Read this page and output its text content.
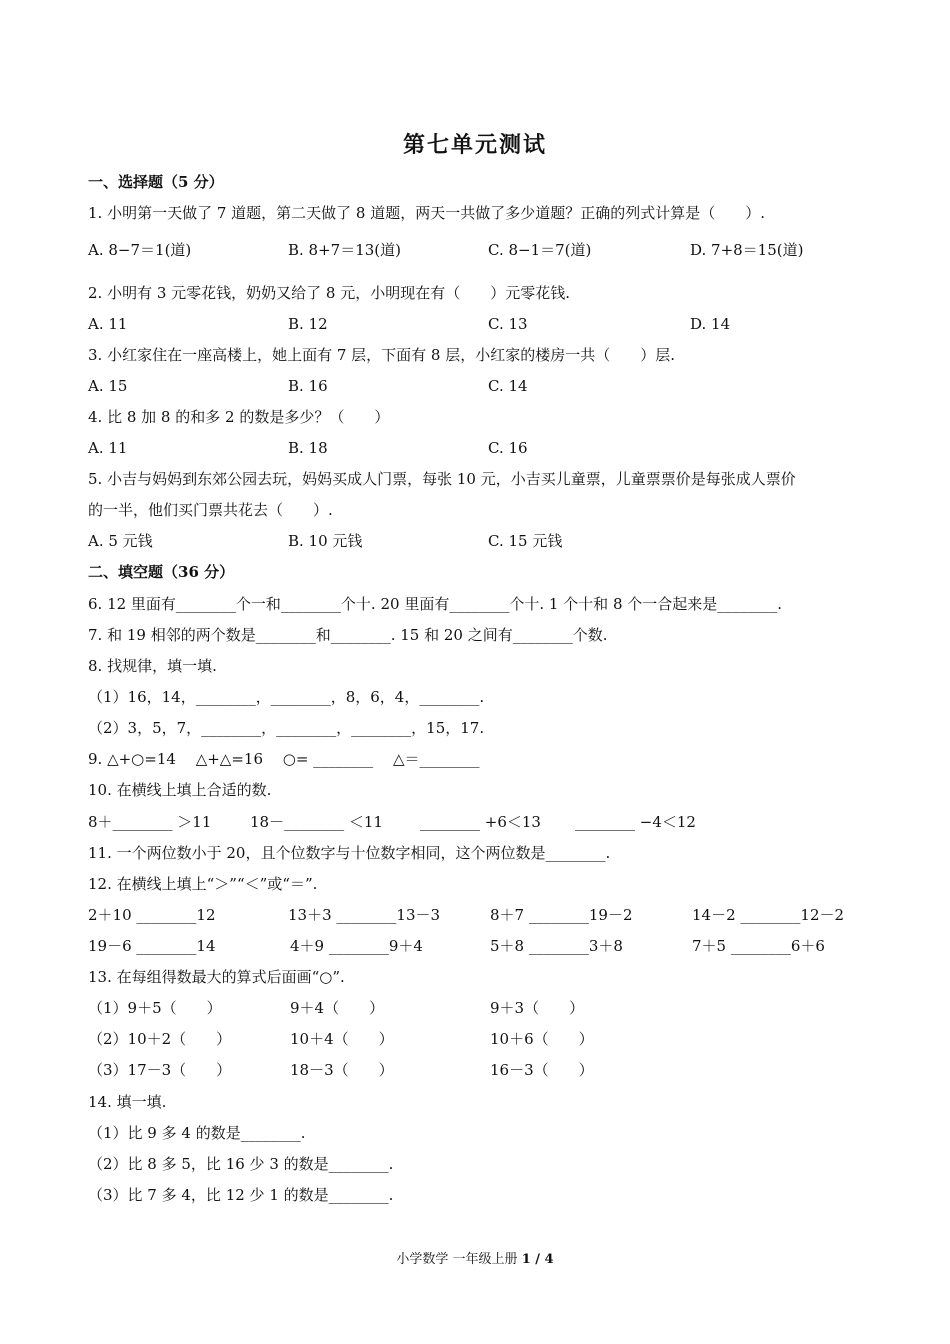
第七单元测试
一、选择题（5 分）
1. 小明第一天做了 7 道题，第二天做了 8 道题，两天一共做了多少道题？正确的列式计算是（　　）.
A. 8−7＝1(道)	B. 8+7＝13(道)	C. 8−1＝7(道)	D. 7+8＝15(道)
2. 小明有 3 元零花钱，奶奶又给了 8 元，小明现在有（　　）元零花钱.
A. 11	B. 12	C. 13	D. 14
3. 小红家住在一座高楼上，她上面有 7 层，下面有 8 层，小红家的楼房一共（　　）层.
A. 15	B. 16	C. 14
4. 比 8 加 8 的和多 2 的数是多少？（　　）
A. 11	B. 18	C. 16
5. 小吉与妈妈到东郊公园去玩，妈妈买成人门票，每张 10 元，小吉买儿童票，儿童票票价是每张成人票价
的一半，他们买门票共花去（　　）.
A. 5 元钱	B. 10 元钱	C. 15 元钱
二、填空题（36 分）
6. 12 里面有________个一和________个十. 20 里面有________个十. 1 个十和 8 个一合起来是________.
7. 和 19 相邻的两个数是________和________. 15 和 20 之间有________个数.
8. 找规律，填一填.
（1）16，14，________，________，8，6，4，________.
（2）3，5，7，________，________，________，15，17.
9. △+○=14　 △+△=16　 ○= ________　 △＝________
10. 在横线上填上合适的数.
8＋________ ＞11	18－________ ＜11 ________ +6＜13 ________ −4＜12
11. 一个两位数小于 20，且个位数字与十位数字相同，这个两位数是________.
12. 在横线上填上“＞”“＜”或“＝”.
2＋10 ________12	13＋3 ________13－3	8＋7 ________19－2	14－2 ________12－2
19－6 ________14	4＋9 ________9＋4	5＋8 ________3＋8	7＋5 ________6＋6
13. 在每组得数最大的算式后面画“○”.
（1）9＋5（　　）	9＋4（　　）	9＋3（　　）
（2）10＋2（　　）	10＋4（　　）	10＋6（　　）
（3）17－3（　　）	18－3（　　）	16－3（　　）
14. 填一填.
（1）比 9 多 4 的数是________.
（2）比 8 多 5，比 16 少 3 的数是________.
（3）比 7 多 4，比 12 少 1 的数是________.
小学数学 一年级上册 1 / 4
